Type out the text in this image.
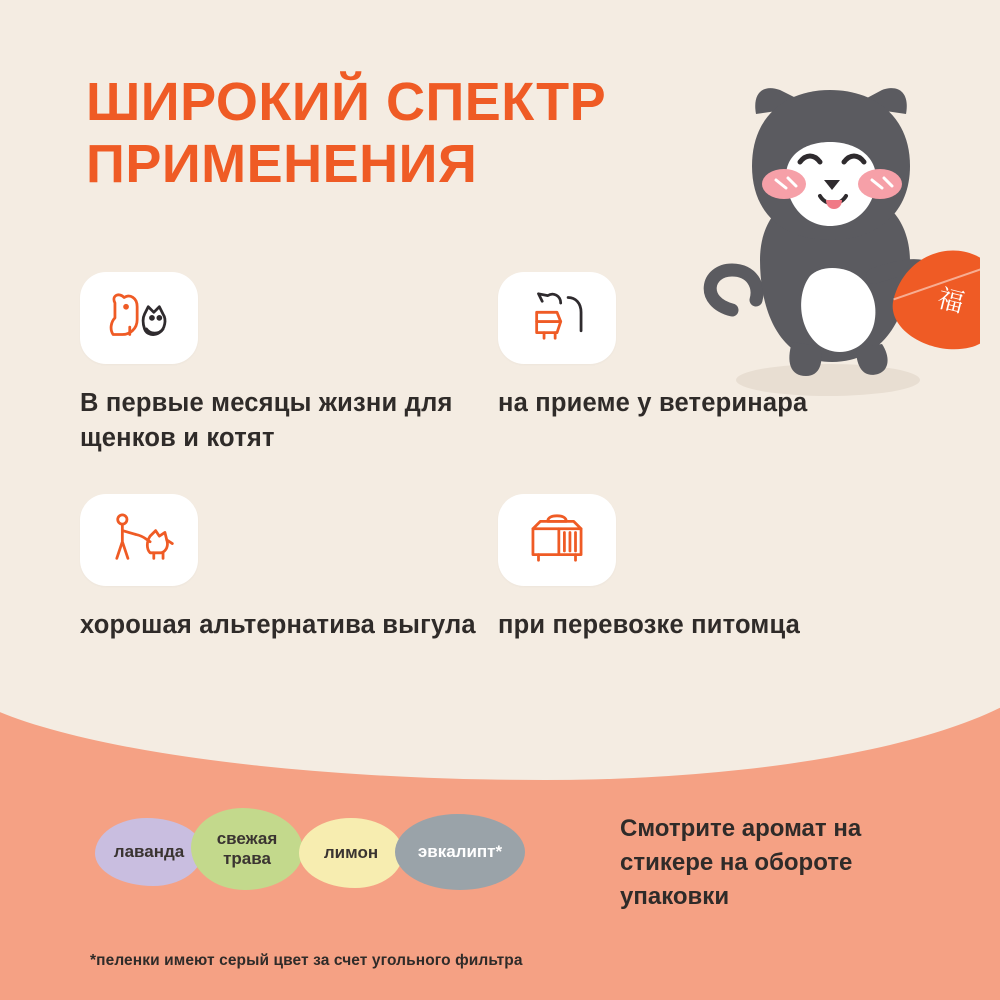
ШИРОКИЙ СПЕКТР ПРИМЕНЕНИЯ
福
В первые месяцы жизни для щенков и котят
на приеме у ветеринара
хорошая альтернатива выгула при перевозке питомца
лаванда
свежая трава	лимон	эвкалипт*
Смотрите аромат на стикере на обороте упаковки
*пеленки имеют серый цвет за счет угольного фильтра
